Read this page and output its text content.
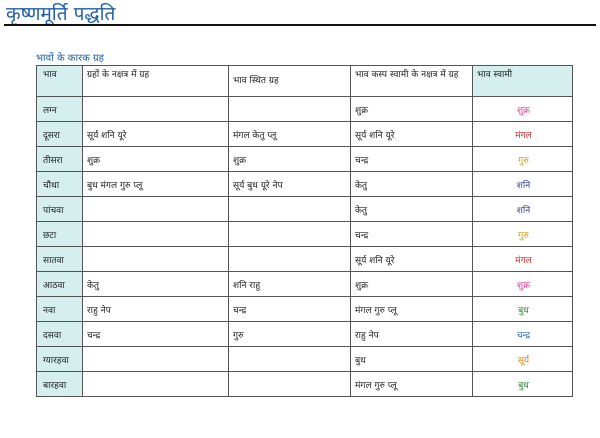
कृष्णमूर्ति पद्धति
भावों के कारक ग्रह
भाव	ग्रहों के नक्षत्र में ग्रह	भाव स्थित ग्रह	भाव कस्प स्वामी के नक्षत्र में ग्रह	भाव स्वामी
लग्न			शुक्र	शुक्र
दूसरा	सूर्य शनि यूरे	मंगल केतु प्लू	सूर्य शनि यूरे	मंगल
तीसरा	शुक्र	शुक्र	चन्द्र	गुरु
चौथा	बुध मंगल गुरु प्लू	सूर्य बुध यूरे नेप	केतु	शनि
पांचवा			केतु	शनि
छटा			चन्द्र	गुरु
सातवा			सूर्य शनि यूरे	मंगल
आठवा	केतु	शनि राहु	शुक्र	शुक्र
नवा	राहु नेप	चन्द्र	मंगल गुरु प्लू	बुध
दसवा	चन्द्र	गुरु	राहु नेप	चन्द्र
ग्यारहवा			बुध	सूर्य
बारहवा			मंगल गुरु प्लू	बुध
